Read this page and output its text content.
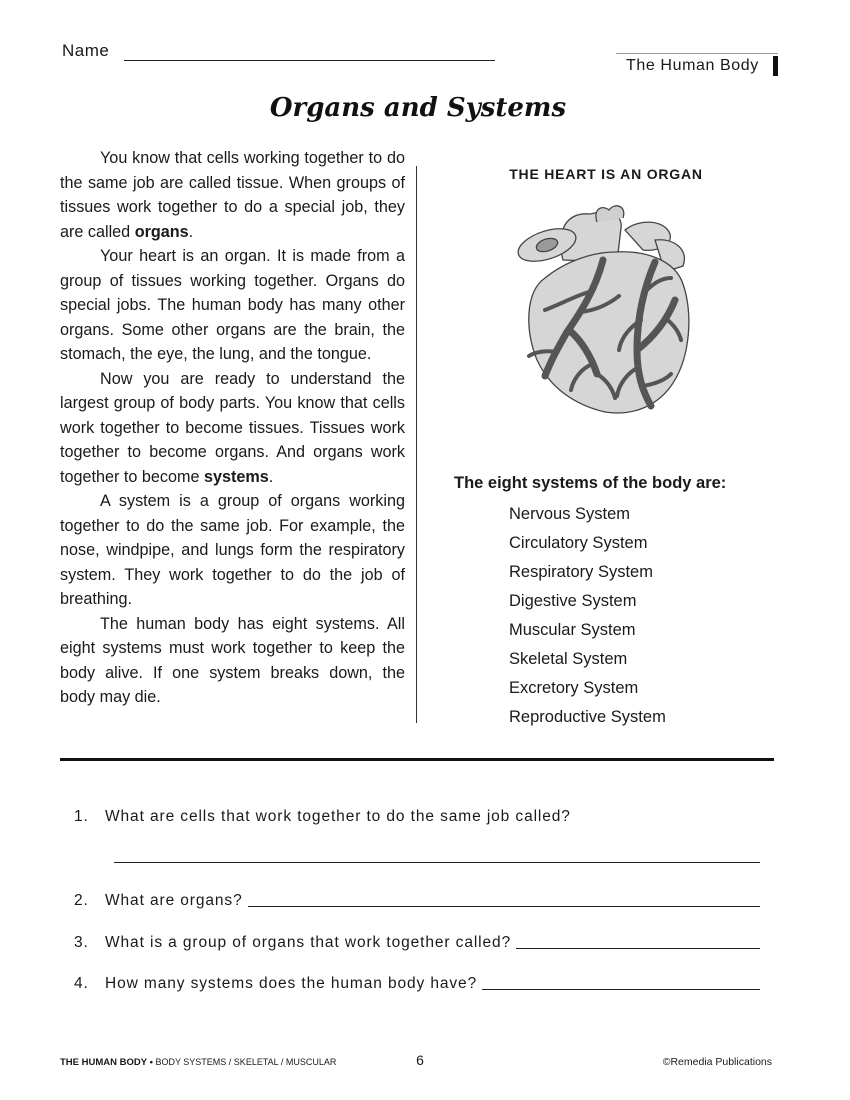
Name
The Human Body
Organs and Systems

You know that cells working together to do the same job are called tissue. When groups of tissues work together to do a special job, they are called organs.

Your heart is an organ. It is made from a group of tissues working together. Organs do special jobs. The human body has many other organs. Some other organs are the brain, the stomach, the eye, the lung, and the tongue.

Now you are ready to understand the largest group of body parts. You know that cells work together to become tissues. Tissues work together to become organs. And organs work together to become systems.

A system is a group of organs working together to do the same job. For example, the nose, windpipe, and lungs form the respiratory system. They work together to do the job of breathing.

The human body has eight systems. All eight systems must work together to keep the body alive. If one system breaks down, the body may die.

THE HEART IS AN ORGAN
The eight systems of the body are:
Nervous System
Circulatory System
Respiratory System
Digestive System
Muscular System
Skeletal System
Excretory System
Reproductive System
1.	What are cells that work together to do the same job called?
2.	What are organs?
3.	What is a group of organs that work together called?
4.	How many systems does the human body have?
THE HUMAN BODY • BODY SYSTEMS / SKELETAL / MUSCULAR	6	©Remedia Publications
